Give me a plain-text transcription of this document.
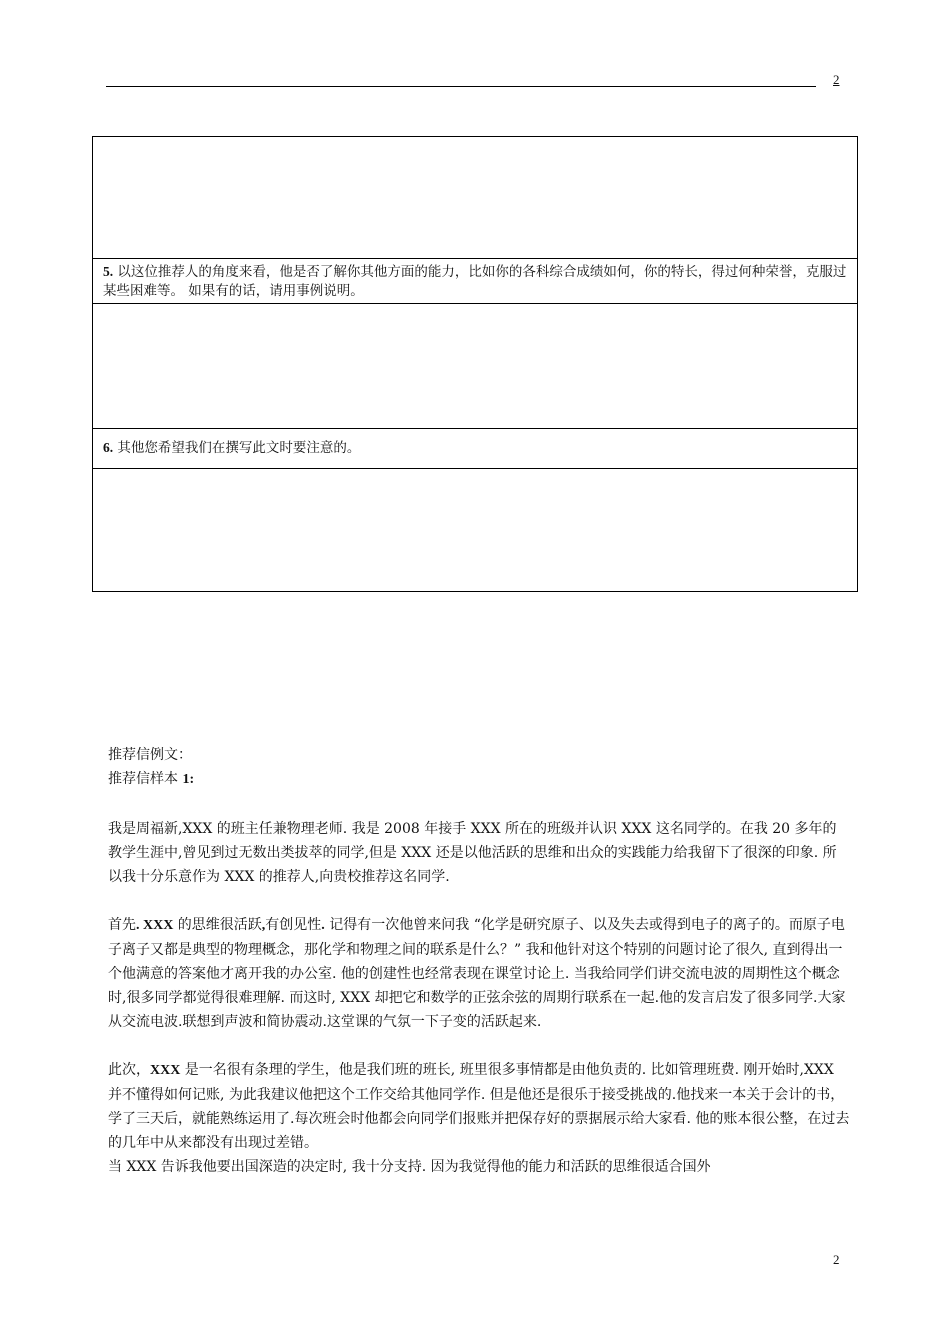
2
5. 以这位推荐人的角度来看，他是否了解你其他方面的能力，比如你的各科综合成绩如何，你的特长，得过何种荣誉，克服过某些困难等。 如果有的话，请用事例说明。
6. 其他您希望我们在撰写此文时要注意的。

推荐信例文：

推荐信样本 1:

我是周福新,XXX 的班主任兼物理老师. 我是 2008 年接手 XXX 所在的班级并认识 XXX 这名同学的。在我 20 多年的教学生涯中,曾见到过无数出类拔萃的同学,但是 XXX 还是以他活跃的思维和出众的实践能力给我留下了很深的印象. 所以我十分乐意作为 XXX 的推荐人,向贵校推荐这名同学.

首先. XXX 的思维很活跃,有创见性. 记得有一次他曾来问我 “化学是研究原子、以及失去或得到电子的离子的。而原子电子离子又都是典型的物理概念，那化学和物理之间的联系是什么？” 我和他针对这个特别的问题讨论了很久, 直到得出一个他满意的答案他才离开我的办公室. 他的创建性也经常表现在课堂讨论上. 当我给同学们讲交流电波的周期性这个概念时,很多同学都觉得很难理解. 而这时, XXX 却把它和数学的正弦余弦的周期行联系在一起.他的发言启发了很多同学.大家从交流电波.联想到声波和简协震动.这堂课的气氛一下子变的活跃起来.

此次，XXX 是一名很有条理的学生，他是我们班的班长, 班里很多事情都是由他负责的. 比如管理班费. 刚开始时,XXX 并不懂得如何记账, 为此我建议他把这个工作交给其他同学作. 但是他还是很乐于接受挑战的.他找来一本关于会计的书，学了三天后，就能熟练运用了.每次班会时他都会向同学们报账并把保存好的票据展示给大家看. 他的账本很公整，在过去的几年中从来都没有出现过差错。

当 XXX 告诉我他要出国深造的决定时, 我十分支持. 因为我觉得他的能力和活跃的思维很适合国外

2
